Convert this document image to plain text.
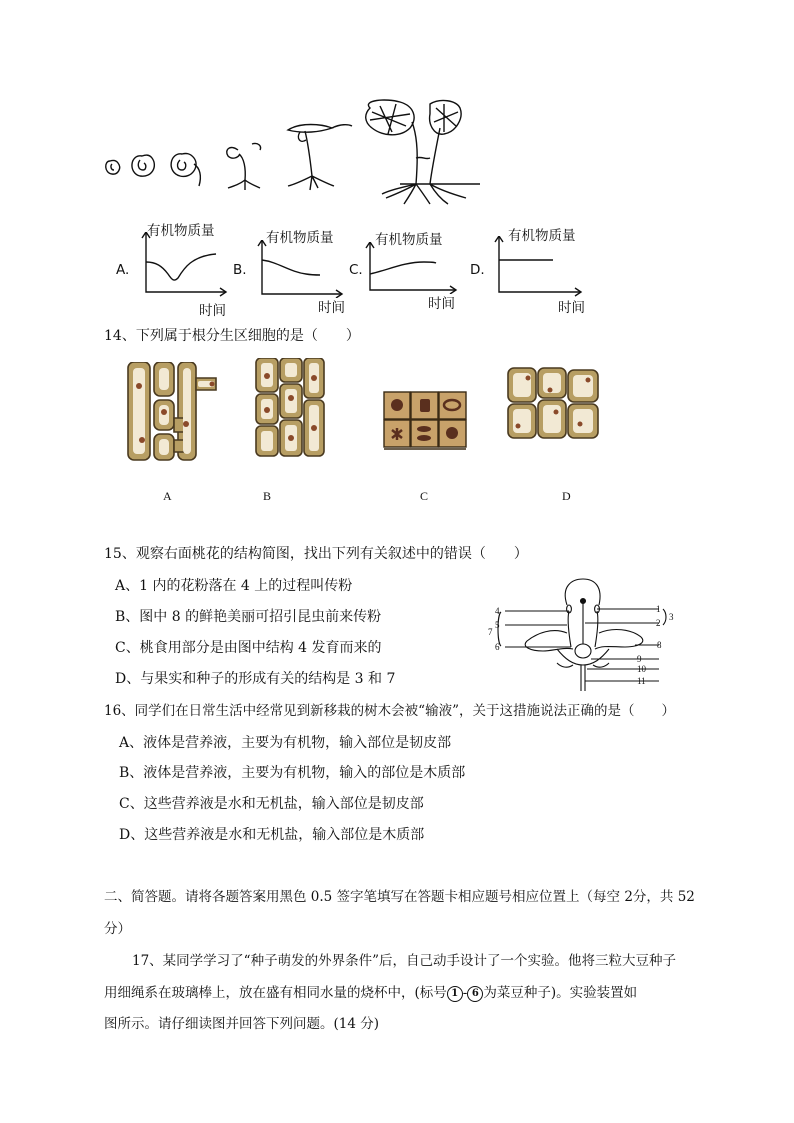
A.
有机物质量
时间
B.
有机物质量
时间
C.
有机物质量
时间
D.
有机物质量
时间
14、下列属于根分生区细胞的是（　　）
A	B	C	D
15、观察右面桃花的结构简图，找出下列有关叙述中的错误（　　）
A、1 内的花粉落在 4 上的过程叫传粉
B、图中 8 的鲜艳美丽可招引昆虫前来传粉
C、桃食用部分是由图中结构 4 发育而来的
D、与果实和种子的形成有关的结构是 3 和 7
4
5
7
6
1
2
3
8
9
10
11
16、同学们在日常生活中经常见到新移栽的树木会被“输液”，关于这措施说法正确的是（　　）
A、液体是营养液，主要为有机物，输入部位是韧皮部
B、液体是营养液，主要为有机物，输入的部位是木质部
C、这些营养液是水和无机盐，输入部位是韧皮部
D、这些营养液是水和无机盐，输入部位是木质部
二、简答题。请将各题答案用黑色 0.5 签字笔填写在答题卡相应题号相应位置上（每空 2分，共 52
分）
17、某同学学习了“种子萌发的外界条件”后，自己动手设计了一个实验。他将三粒大豆种子
用细绳系在玻璃棒上，放在盛有相同水量的烧杯中，(标号 1 - 6 为菜豆种子)。实验装置如
图所示。请仔细读图并回答下列问题。(14 分)
